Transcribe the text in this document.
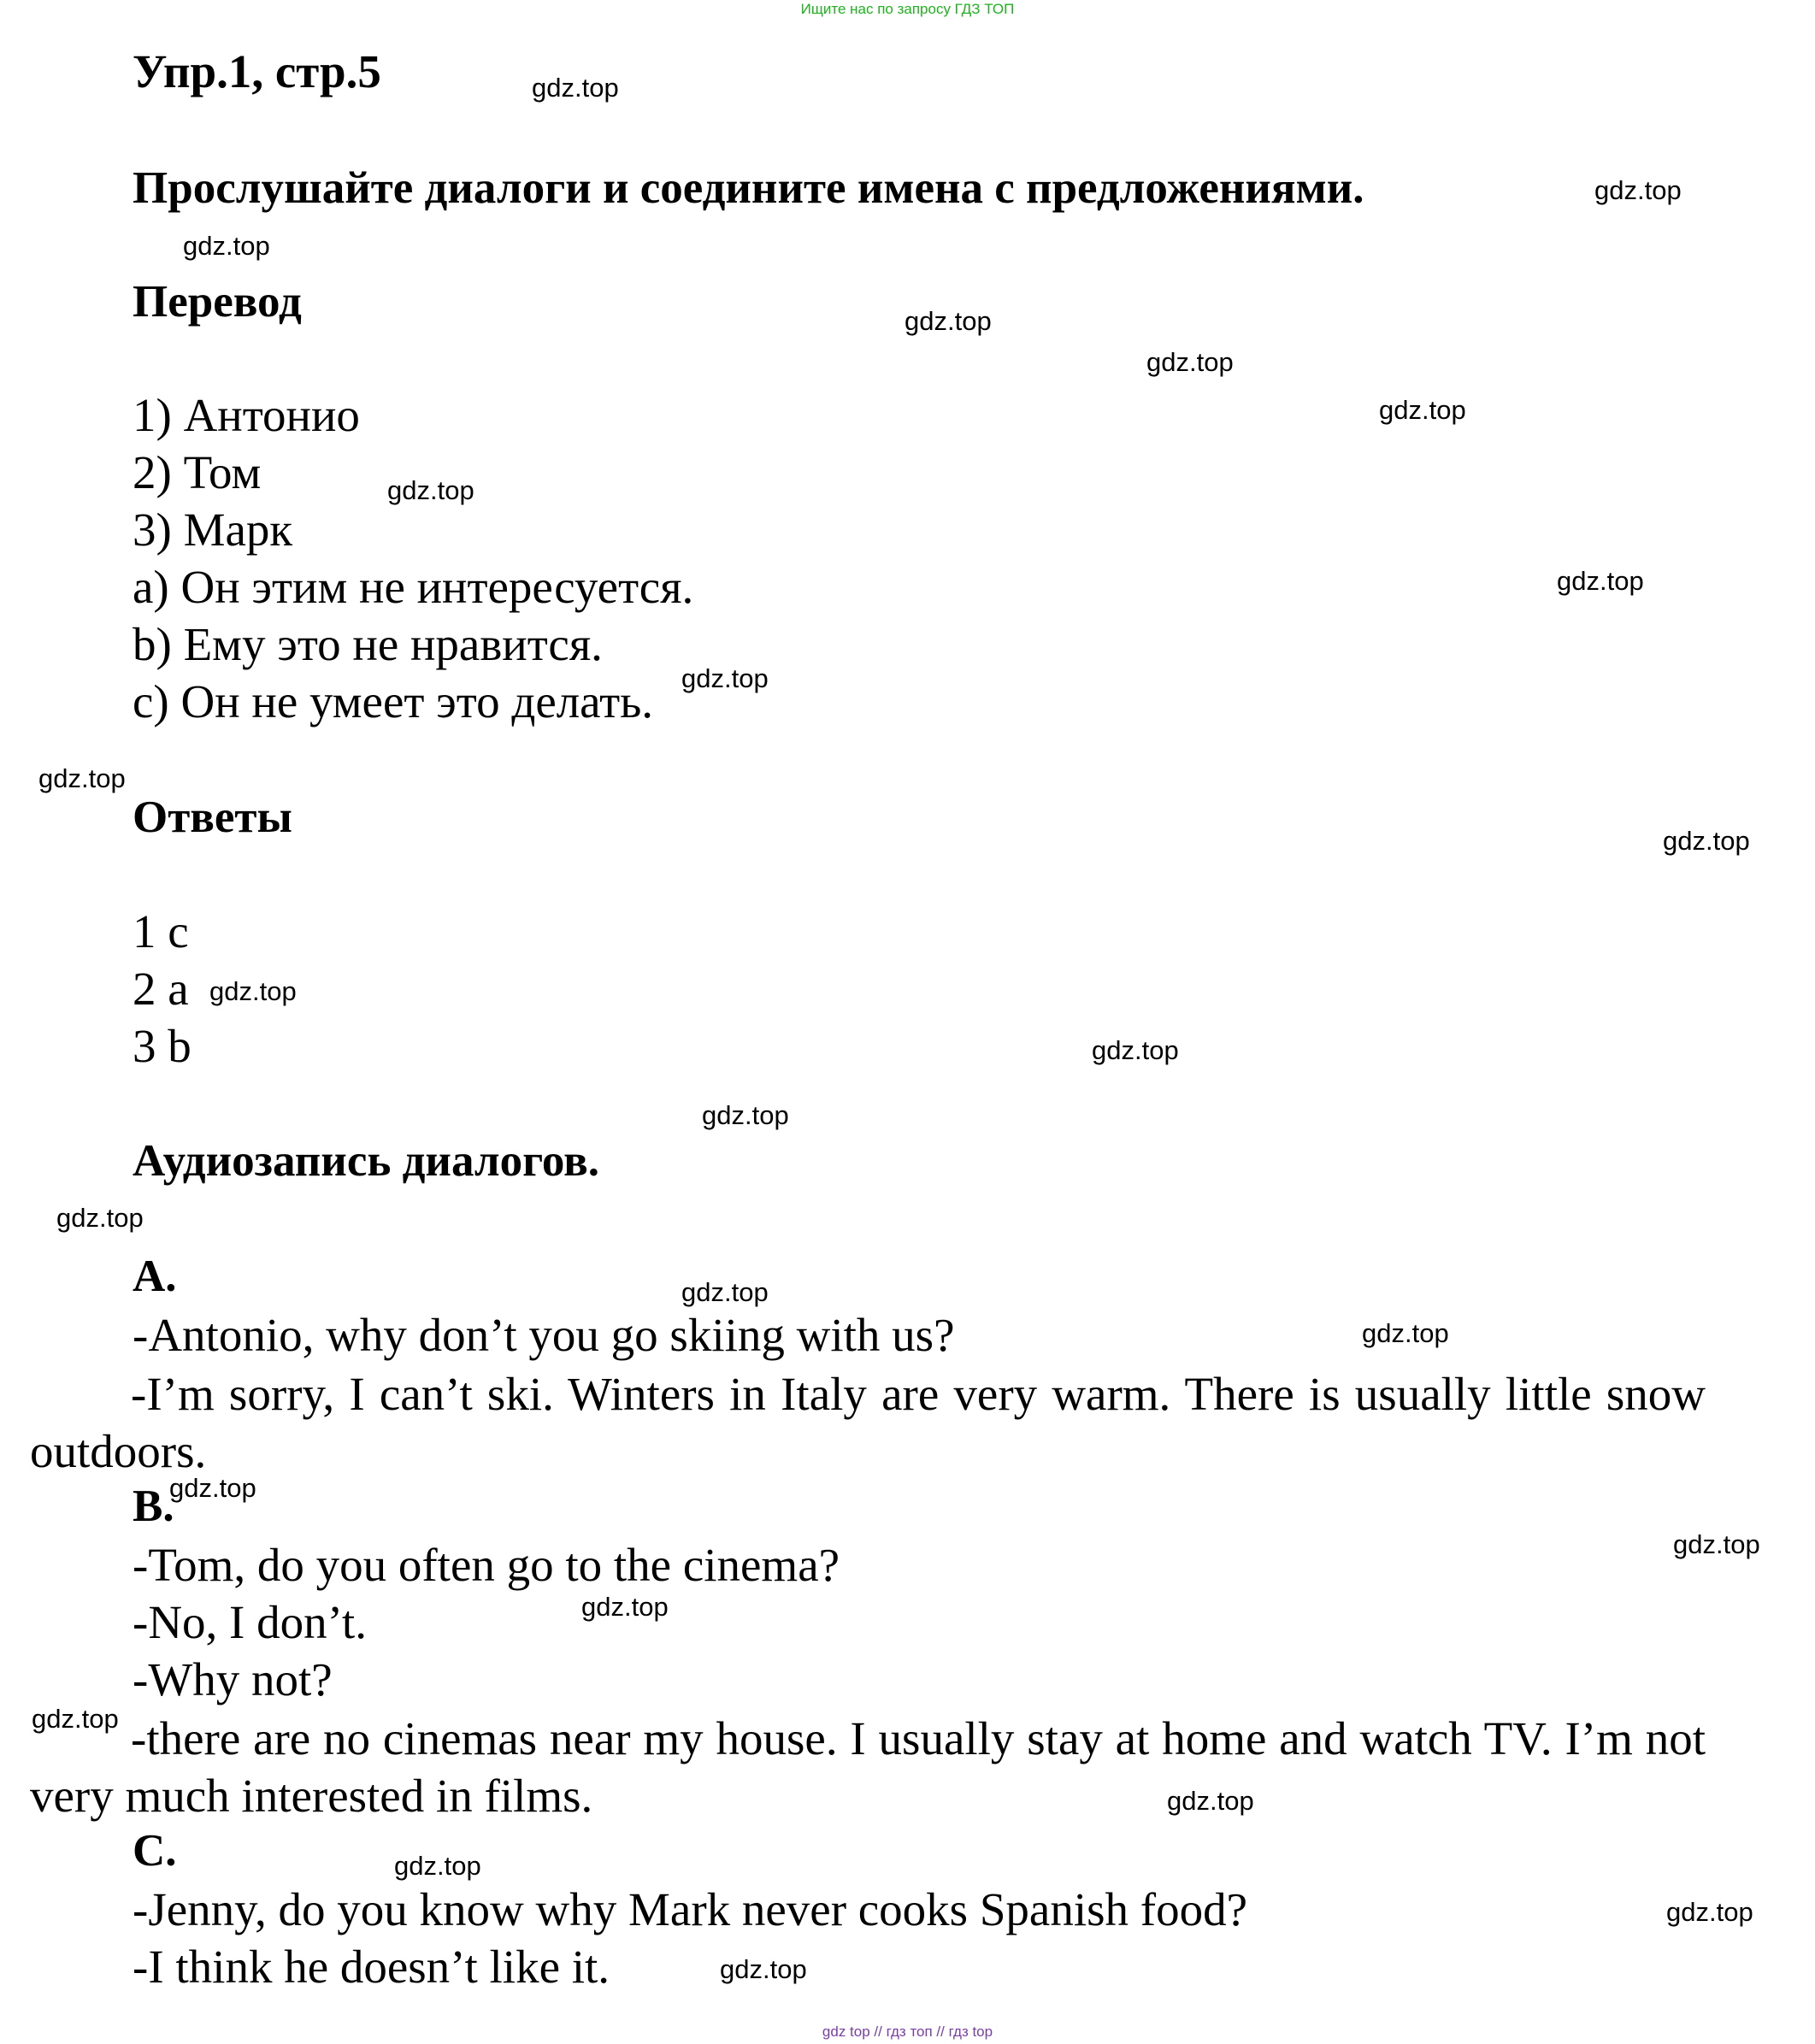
Ищите нас по запросу ГДЗ ТОП
Упр.1, стр.5
Прослушайте диалоги и соедините имена с предложениями.
Перевод
1) Антонио
2) Том
3) Марк
a) Он этим не интересуется.
b) Ему это не нравится.
c) Он не умеет это делать.
Ответы
1 c
2 a
3 b
Аудиозапись диалогов.
A.
-Antonio, why don’t you go skiing with us?
-I’m sorry, I can’t ski. Winters in Italy are very warm. There is usually little snow outdoors.
B.
-Tom, do you often go to the cinema?
-No, I don’t.
-Why not?
-there are no cinemas near my house. I usually stay at home and watch TV. I’m not very much interested in films.
C.
-Jenny, do you know why Mark never cooks Spanish food?
-I think he doesn’t like it.
gdz.top
gdz.top
gdz.top
gdz.top
gdz.top
gdz.top
gdz.top
gdz.top
gdz.top
gdz.top
gdz.top
gdz.top
gdz.top
gdz.top
gdz.top
gdz.top
gdz.top
gdz.top
gdz.top
gdz.top
gdz.top
gdz.top
gdz.top
gdz.top
gdz.top
gdz top // гдз топ // гдз top
